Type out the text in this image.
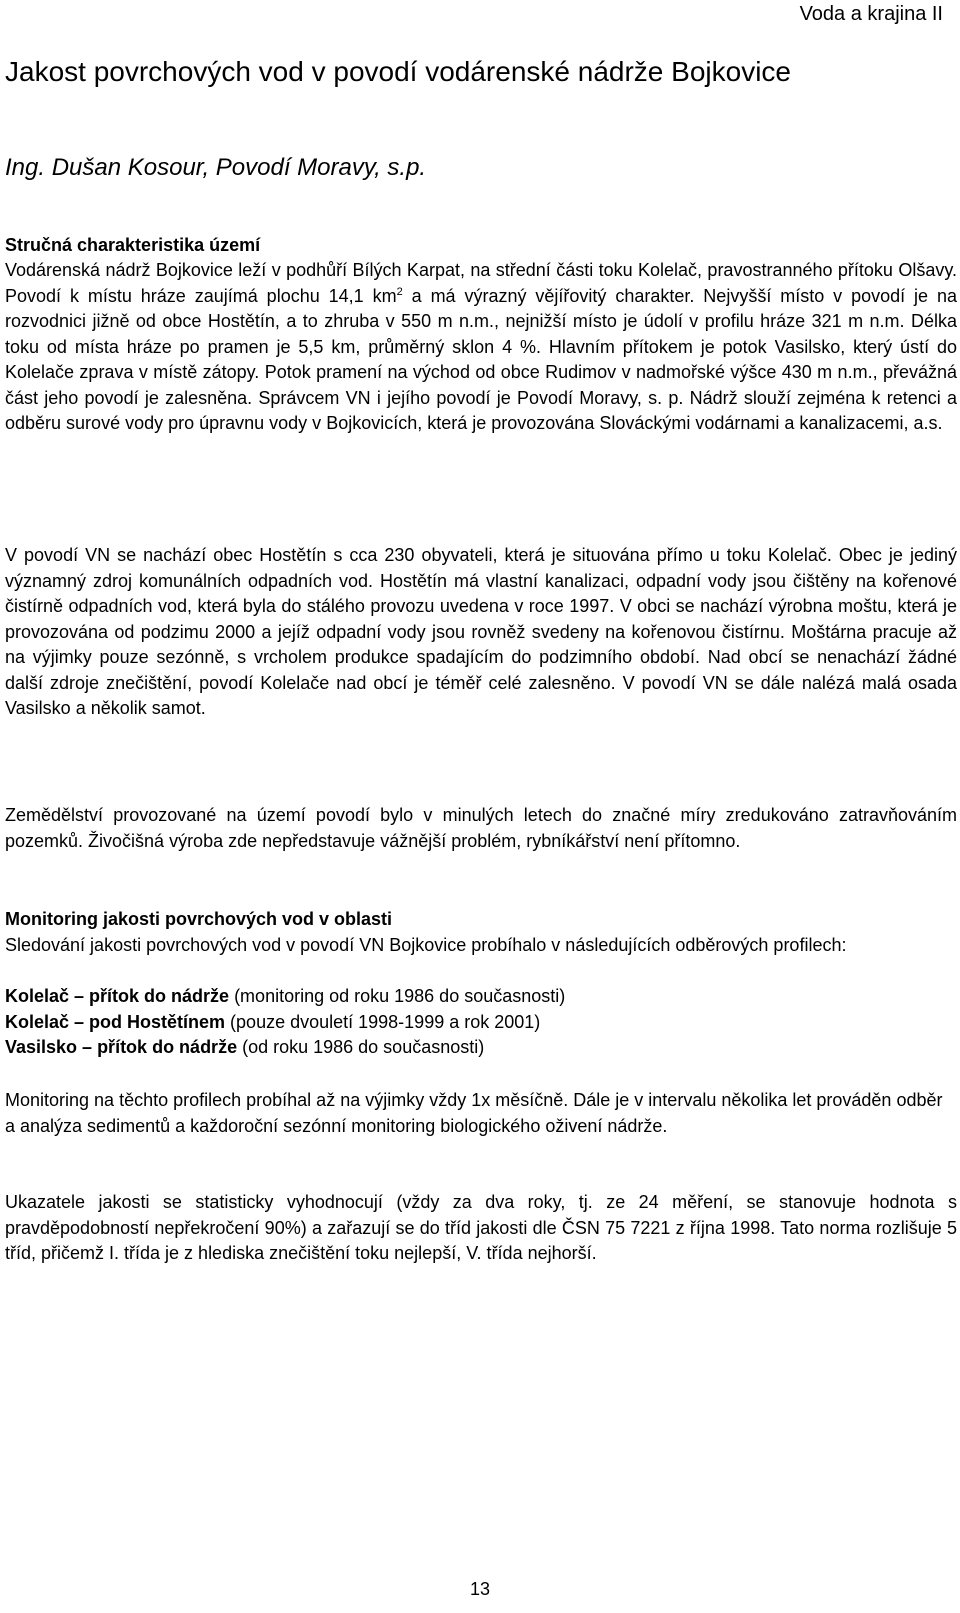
Voda a krajina II
Jakost povrchových vod v povodí vodárenské nádrže Bojkovice
Ing. Dušan Kosour, Povodí Moravy, s.p.
Stručná charakteristika území

Vodárenská nádrž Bojkovice leží v podhůří Bílých Karpat, na střední části toku Kolelač, pravostranného přítoku Olšavy. Povodí k místu hráze zaujímá plochu 14,1 $km^2$ a má výrazný vějířovitý charakter. Nejvyšší místo v povodí je na rozvodnici jižně od obce Hostětín, a to zhruba v 550 m n.m., nejnižší místo je údolí v profilu hráze 321 m n.m. Délka toku od místa hráze po pramen je 5,5 km, průměrný sklon 4 %. Hlavním přítokem je potok Vasilsko, který ústí do Kolelače zprava v místě zátopy. Potok pramení na východ od obce Rudimov v nadmořské výšce 430 m n.m., převážná část jeho povodí je zalesněna. Správcem VN i jejího povodí je Povodí Moravy, s. p. Nádrž slouží zejména k retenci a odběru surové vody pro úpravnu vody v Bojkovicích, která je provozována Slováckými vodárnami a kanalizacemi, a.s.

V povodí VN se nachází obec Hostětín s cca 230 obyvateli, která je situována přímo u toku Kolelač. Obec je jediný významný zdroj komunálních odpadních vod. Hostětín má vlastní kanalizaci, odpadní vody jsou čištěny na kořenové čistírně odpadních vod, která byla do stálého provozu uvedena v roce 1997. V obci se nachází výrobna moštu, která je provozována od podzimu 2000 a jejíž odpadní vody jsou rovněž svedeny na kořenovou čistírnu. Moštárna pracuje až na výjimky pouze sezónně, s vrcholem produkce spadajícím do podzimního období. Nad obcí se nenachází žádné další zdroje znečištění, povodí Kolelače nad obcí je téměř celé zalesněno. V povodí VN se dále nalézá malá osada Vasilsko a několik samot.

Zemědělství provozované na území povodí bylo v minulých letech do značné míry zredukováno zatravňováním pozemků. Živočišná výroba zde nepředstavuje vážnější problém, rybníkářství není přítomno.

Monitoring jakosti povrchových vod v oblasti

Sledování jakosti povrchových vod v povodí VN Bojkovice probíhalo v následujících odběrových profilech:

Kolelač – přítok do nádrže (monitoring od roku 1986 do současnosti)
Kolelač – pod Hostětínem (pouze dvouletí 1998-1999 a rok 2001)
Vasilsko – přítok do nádrže (od roku 1986 do současnosti)

Monitoring na těchto profilech probíhal až na výjimky vždy 1x měsíčně. Dále je v intervalu několika let prováděn odběr a analýza sedimentů a každoroční sezónní monitoring biologického oživení nádrže.

Ukazatele jakosti se statisticky vyhodnocují (vždy za dva roky, tj. ze 24 měření, se stanovuje hodnota s pravděpodobností nepřekročení 90%) a zařazují se do tříd jakosti dle ČSN 75 7221 z října 1998. Tato norma rozlišuje 5 tříd, přičemž I. třída je z hlediska znečištění toku nejlepší, V. třída nejhorší.

13
